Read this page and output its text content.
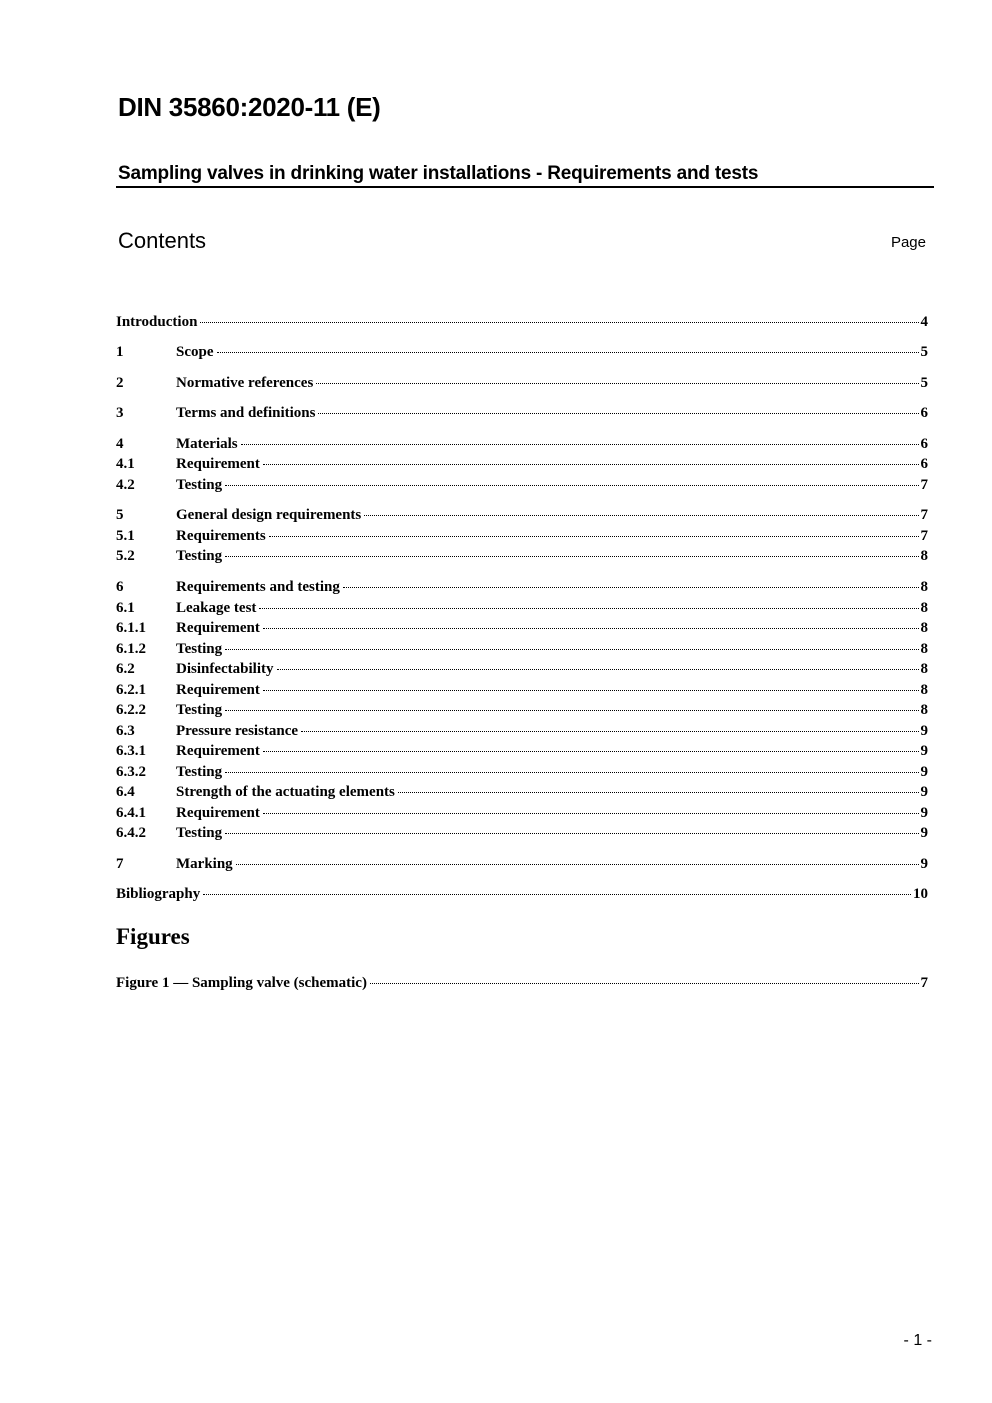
DIN 35860:2020-11 (E)
Sampling valves in drinking water installations - Requirements and tests
Contents	Page
Introduction	4
1	Scope	5
2	Normative references	5
3	Terms and definitions	6
4	Materials	6
4.1	Requirement	6
4.2	Testing	7
5	General design requirements	7
5.1	Requirements	7
5.2	Testing	8
6	Requirements and testing	8
6.1	Leakage test	8
6.1.1	Requirement	8
6.1.2	Testing	8
6.2	Disinfectability	8
6.2.1	Requirement	8
6.2.2	Testing	8
6.3	Pressure resistance	9
6.3.1	Requirement	9
6.3.2	Testing	9
6.4	Strength of the actuating elements	9
6.4.1	Requirement	9
6.4.2	Testing	9
7	Marking	9
Bibliography	10
Figures
Figure 1 — Sampling valve (schematic)	7
- 1 -
